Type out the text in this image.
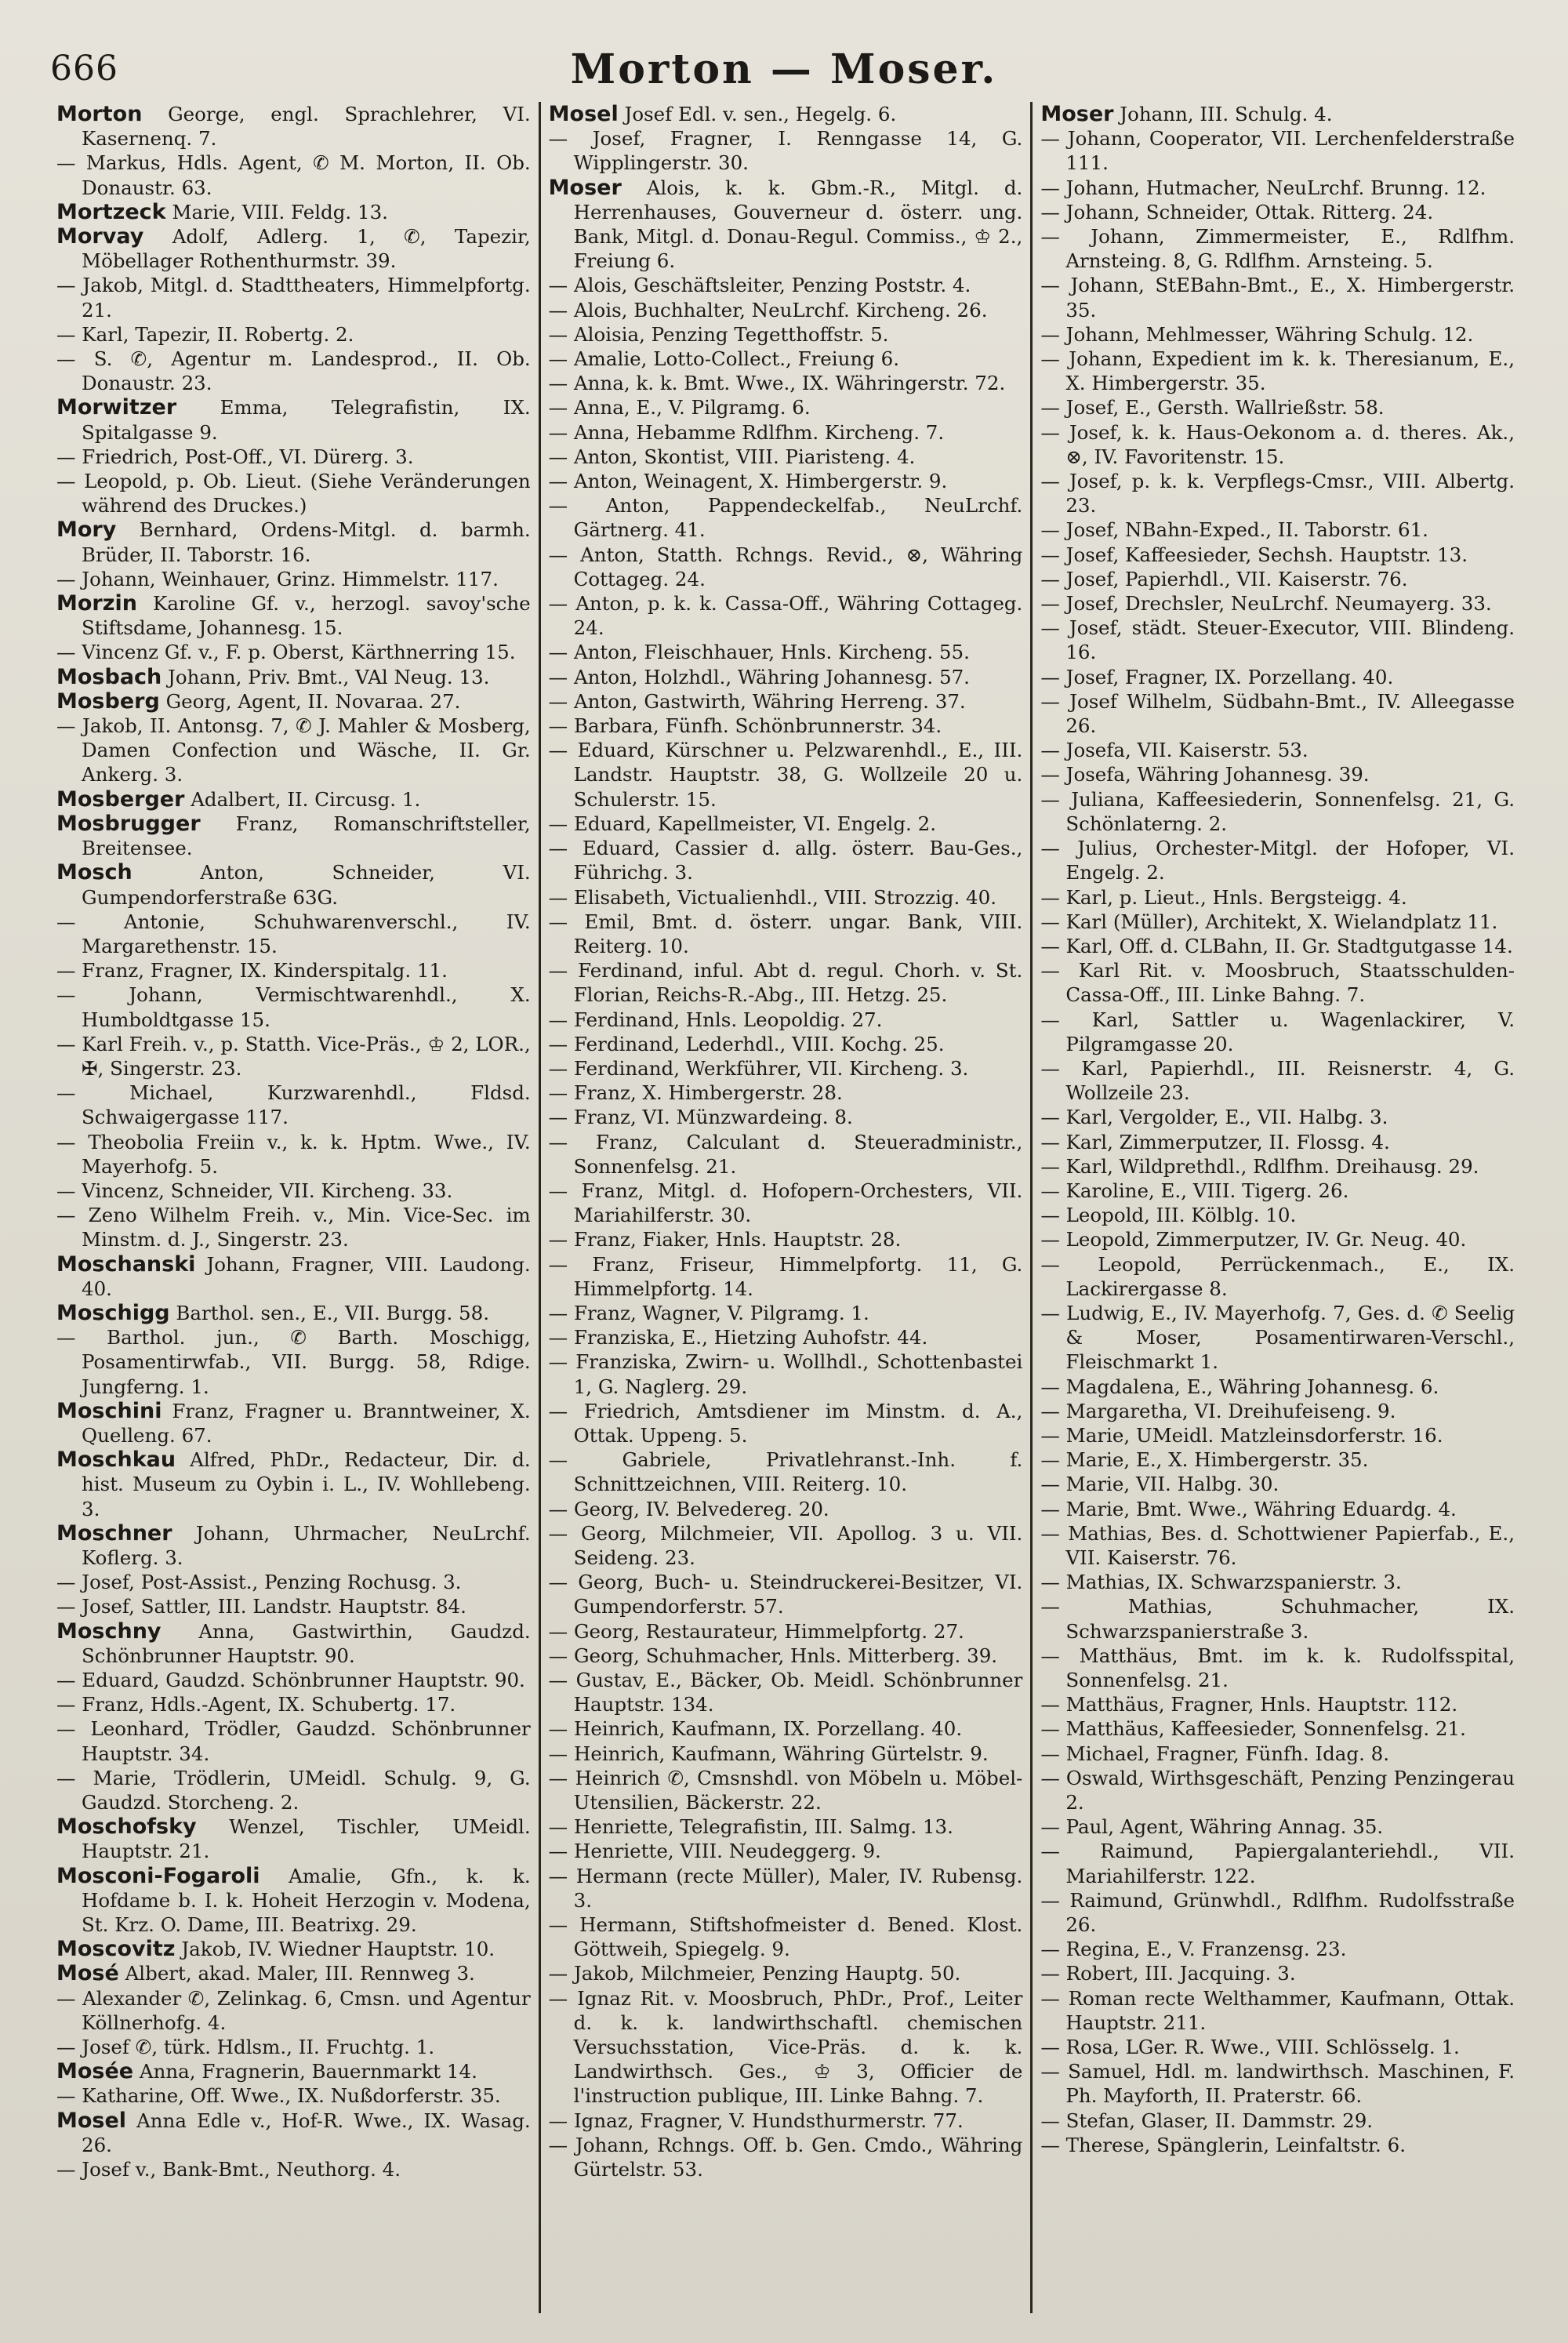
666	Morton — Moser.

Morton George, engl. Sprachlehrer, VI. Kasernenq. 7.

— Markus, Hdls. Agent, ✆ M. Morton, II. Ob. Donaustr. 63.

Mortzeck Marie, VIII. Feldg. 13.

Morvay Adolf, Adlerg. 1, ✆, Tapezir, Möbellager Rothenthurmstr. 39.

— Jakob, Mitgl. d. Stadttheaters, Himmelpfortg. 21.

— Karl, Tapezir, II. Robertg. 2.

— S. ✆, Agentur m. Landesprod., II. Ob. Donaustr. 23.

Morwitzer Emma, Telegrafistin, IX. Spitalgasse 9.

— Friedrich, Post-Off., VI. Dürerg. 3.

— Leopold, p. Ob. Lieut. (Siehe Veränderungen während des Druckes.)

Mory Bernhard, Ordens-Mitgl. d. barmh. Brüder, II. Taborstr. 16.

— Johann, Weinhauer, Grinz. Himmelstr. 117.

Morzin Karoline Gf. v., herzogl. savoy'sche Stiftsdame, Johannesg. 15.

— Vincenz Gf. v., F. p. Oberst, Kärthnerring 15.

Mosbach Johann, Priv. Bmt., VAl Neug. 13.

Mosberg Georg, Agent, II. Novaraa. 27.

— Jakob, II. Antonsg. 7, ✆ J. Mahler & Mosberg, Damen Confection und Wäsche, II. Gr. Ankerg. 3.

Mosberger Adalbert, II. Circusg. 1.

Mosbrugger Franz, Romanschriftsteller, Breitensee.

Mosch Anton, Schneider, VI. Gumpendorferstraße 63G.

— Antonie, Schuhwarenverschl., IV. Margarethenstr. 15.

— Franz, Fragner, IX. Kinderspitalg. 11.

— Johann, Vermischtwarenhdl., X. Humboldtgasse 15.

— Karl Freih. v., p. Statth. Vice-Präs., ♔ 2, LOR., ✠, Singerstr. 23.

— Michael, Kurzwarenhdl., Fldsd. Schwaigergasse 117.

— Theobolia Freiin v., k. k. Hptm. Wwe., IV. Mayerhofg. 5.

— Vincenz, Schneider, VII. Kircheng. 33.

— Zeno Wilhelm Freih. v., Min. Vice-Sec. im Minstm. d. J., Singerstr. 23.

Moschanski Johann, Fragner, VIII. Laudong. 40.

Moschigg Barthol. sen., E., VII. Burgg. 58.

— Barthol. jun., ✆ Barth. Moschigg, Posamentirwfab., VII. Burgg. 58, Rdige. Jungferng. 1.

Moschini Franz, Fragner u. Branntweiner, X. Quelleng. 67.

Moschkau Alfred, PhDr., Redacteur, Dir. d. hist. Museum zu Oybin i. L., IV. Wohllebeng. 3.

Moschner Johann, Uhrmacher, NeuLrchf. Koflerg. 3.

— Josef, Post-Assist., Penzing Rochusg. 3.

— Josef, Sattler, III. Landstr. Hauptstr. 84.

Moschny Anna, Gastwirthin, Gaudzd. Schönbrunner Hauptstr. 90.

— Eduard, Gaudzd. Schönbrunner Hauptstr. 90.

— Franz, Hdls.-Agent, IX. Schubertg. 17.

— Leonhard, Trödler, Gaudzd. Schönbrunner Hauptstr. 34.

— Marie, Trödlerin, UMeidl. Schulg. 9, G. Gaudzd. Storcheng. 2.

Moschofsky Wenzel, Tischler, UMeidl. Hauptstr. 21.

Mosconi-Fogaroli Amalie, Gfn., k. k. Hofdame b. I. k. Hoheit Herzogin v. Modena, St. Krz. O. Dame, III. Beatrixg. 29.

Moscovitz Jakob, IV. Wiedner Hauptstr. 10.

Mosé Albert, akad. Maler, III. Rennweg 3.

— Alexander ✆, Zelinkag. 6, Cmsn. und Agentur Köllnerhofg. 4.

— Josef ✆, türk. Hdlsm., II. Fruchtg. 1.

Mosée Anna, Fragnerin, Bauernmarkt 14.

— Katharine, Off. Wwe., IX. Nußdorferstr. 35.

Mosel Anna Edle v., Hof-R. Wwe., IX. Wasag. 26.

— Josef v., Bank-Bmt., Neuthorg. 4.

Mosel Josef Edl. v. sen., Hegelg. 6.

— Josef, Fragner, I. Renngasse 14, G. Wipplingerstr. 30.

Moser Alois, k. k. Gbm.-R., Mitgl. d. Herrenhauses, Gouverneur d. österr. ung. Bank, Mitgl. d. Donau-Regul. Commiss., ♔ 2., Freiung 6.

— Alois, Geschäftsleiter, Penzing Poststr. 4.

— Alois, Buchhalter, NeuLrchf. Kircheng. 26.

— Aloisia, Penzing Tegetthoffstr. 5.

— Amalie, Lotto-Collect., Freiung 6.

— Anna, k. k. Bmt. Wwe., IX. Währingerstr. 72.

— Anna, E., V. Pilgramg. 6.

— Anna, Hebamme Rdlfhm. Kircheng. 7.

— Anton, Skontist, VIII. Piaristeng. 4.

— Anton, Weinagent, X. Himbergerstr. 9.

— Anton, Pappendeckelfab., NeuLrchf. Gärtnerg. 41.

— Anton, Statth. Rchngs. Revid., ⊗, Währing Cottageg. 24.

— Anton, p. k. k. Cassa-Off., Währing Cottageg. 24.

— Anton, Fleischhauer, Hnls. Kircheng. 55.

— Anton, Holzhdl., Währing Johannesg. 57.

— Anton, Gastwirth, Währing Herreng. 37.

— Barbara, Fünfh. Schönbrunnerstr. 34.

— Eduard, Kürschner u. Pelzwarenhdl., E., III. Landstr. Hauptstr. 38, G. Wollzeile 20 u. Schulerstr. 15.

— Eduard, Kapellmeister, VI. Engelg. 2.

— Eduard, Cassier d. allg. österr. Bau-Ges., Führichg. 3.

— Elisabeth, Victualienhdl., VIII. Strozzig. 40.

— Emil, Bmt. d. österr. ungar. Bank, VIII. Reiterg. 10.

— Ferdinand, inful. Abt d. regul. Chorh. v. St. Florian, Reichs-R.-Abg., III. Hetzg. 25.

— Ferdinand, Hnls. Leopoldig. 27.

— Ferdinand, Lederhdl., VIII. Kochg. 25.

— Ferdinand, Werkführer, VII. Kircheng. 3.

— Franz, X. Himbergerstr. 28.

— Franz, VI. Münzwardeing. 8.

— Franz, Calculant d. Steueradministr., Sonnenfelsg. 21.

— Franz, Mitgl. d. Hofopern-Orchesters, VII. Mariahilferstr. 30.

— Franz, Fiaker, Hnls. Hauptstr. 28.

— Franz, Friseur, Himmelpfortg. 11, G. Himmelpfortg. 14.

— Franz, Wagner, V. Pilgramg. 1.

— Franziska, E., Hietzing Auhofstr. 44.

— Franziska, Zwirn- u. Wollhdl., Schottenbastei 1, G. Naglerg. 29.

— Friedrich, Amtsdiener im Minstm. d. A., Ottak. Uppeng. 5.

— Gabriele, Privatlehranst.-Inh. f. Schnittzeichnen, VIII. Reiterg. 10.

— Georg, IV. Belvedereg. 20.

— Georg, Milchmeier, VII. Apollog. 3 u. VII. Seideng. 23.

— Georg, Buch- u. Steindruckerei-Besitzer, VI. Gumpendorferstr. 57.

— Georg, Restaurateur, Himmelpfortg. 27.

— Georg, Schuhmacher, Hnls. Mitterberg. 39.

— Gustav, E., Bäcker, Ob. Meidl. Schönbrunner Hauptstr. 134.

— Heinrich, Kaufmann, IX. Porzellang. 40.

— Heinrich, Kaufmann, Währing Gürtelstr. 9.

— Heinrich ✆, Cmsnshdl. von Möbeln u. Möbel-Utensilien, Bäckerstr. 22.

— Henriette, Telegrafistin, III. Salmg. 13.

— Henriette, VIII. Neudeggerg. 9.

— Hermann (recte Müller), Maler, IV. Rubensg. 3.

— Hermann, Stiftshofmeister d. Bened. Klost. Göttweih, Spiegelg. 9.

— Jakob, Milchmeier, Penzing Hauptg. 50.

— Ignaz Rit. v. Moosbruch, PhDr., Prof., Leiter d. k. k. landwirthschaftl. chemischen Versuchsstation, Vice-Präs. d. k. k. Landwirthsch. Ges., ♔ 3, Officier de l'instruction publique, III. Linke Bahng. 7.

— Ignaz, Fragner, V. Hundsthurmerstr. 77.

— Johann, Rchngs. Off. b. Gen. Cmdo., Währing Gürtelstr. 53.

Moser Johann, III. Schulg. 4.

— Johann, Cooperator, VII. Lerchenfelderstraße 111.

— Johann, Hutmacher, NeuLrchf. Brunng. 12.

— Johann, Schneider, Ottak. Ritterg. 24.

— Johann, Zimmermeister, E., Rdlfhm. Arnsteing. 8, G. Rdlfhm. Arnsteing. 5.

— Johann, StEBahn-Bmt., E., X. Himbergerstr. 35.

— Johann, Mehlmesser, Währing Schulg. 12.

— Johann, Expedient im k. k. Theresianum, E., X. Himbergerstr. 35.

— Josef, E., Gersth. Wallrießstr. 58.

— Josef, k. k. Haus-Oekonom a. d. theres. Ak., ⊗, IV. Favoritenstr. 15.

— Josef, p. k. k. Verpflegs-Cmsr., VIII. Albertg. 23.

— Josef, NBahn-Exped., II. Taborstr. 61.

— Josef, Kaffeesieder, Sechsh. Hauptstr. 13.

— Josef, Papierhdl., VII. Kaiserstr. 76.

— Josef, Drechsler, NeuLrchf. Neumayerg. 33.

— Josef, städt. Steuer-Executor, VIII. Blindeng. 16.

— Josef, Fragner, IX. Porzellang. 40.

— Josef Wilhelm, Südbahn-Bmt., IV. Alleegasse 26.

— Josefa, VII. Kaiserstr. 53.

— Josefa, Währing Johannesg. 39.

— Juliana, Kaffeesiederin, Sonnenfelsg. 21, G. Schönlaterng. 2.

— Julius, Orchester-Mitgl. der Hofoper, VI. Engelg. 2.

— Karl, p. Lieut., Hnls. Bergsteigg. 4.

— Karl (Müller), Architekt, X. Wielandplatz 11.

— Karl, Off. d. CLBahn, II. Gr. Stadtgutgasse 14.

— Karl Rit. v. Moosbruch, Staatsschulden-Cassa-Off., III. Linke Bahng. 7.

— Karl, Sattler u. Wagenlackirer, V. Pilgramgasse 20.

— Karl, Papierhdl., III. Reisnerstr. 4, G. Wollzeile 23.

— Karl, Vergolder, E., VII. Halbg. 3.

— Karl, Zimmerputzer, II. Flossg. 4.

— Karl, Wildprethdl., Rdlfhm. Dreihausg. 29.

— Karoline, E., VIII. Tigerg. 26.

— Leopold, III. Kölblg. 10.

— Leopold, Zimmerputzer, IV. Gr. Neug. 40.

— Leopold, Perrückenmach., E., IX. Lackirergasse 8.

— Ludwig, E., IV. Mayerhofg. 7, Ges. d. ✆ Seelig & Moser, Posamentirwaren-Verschl., Fleischmarkt 1.

— Magdalena, E., Währing Johannesg. 6.

— Margaretha, VI. Dreihufeiseng. 9.

— Marie, UMeidl. Matzleinsdorferstr. 16.

— Marie, E., X. Himbergerstr. 35.

— Marie, VII. Halbg. 30.

— Marie, Bmt. Wwe., Währing Eduardg. 4.

— Mathias, Bes. d. Schottwiener Papierfab., E., VII. Kaiserstr. 76.

— Mathias, IX. Schwarzspanierstr. 3.

— Mathias, Schuhmacher, IX. Schwarzspanierstraße 3.

— Matthäus, Bmt. im k. k. Rudolfsspital, Sonnenfelsg. 21.

— Matthäus, Fragner, Hnls. Hauptstr. 112.

— Matthäus, Kaffeesieder, Sonnenfelsg. 21.

— Michael, Fragner, Fünfh. Idag. 8.

— Oswald, Wirthsgeschäft, Penzing Penzingerau 2.

— Paul, Agent, Währing Annag. 35.

— Raimund, Papiergalanteriehdl., VII. Mariahilferstr. 122.

— Raimund, Grünwhdl., Rdlfhm. Rudolfsstraße 26.

— Regina, E., V. Franzensg. 23.

— Robert, III. Jacquing. 3.

— Roman recte Welthammer, Kaufmann, Ottak. Hauptstr. 211.

— Rosa, LGer. R. Wwe., VIII. Schlösselg. 1.

— Samuel, Hdl. m. landwirthsch. Maschinen, F. Ph. Mayforth, II. Praterstr. 66.

— Stefan, Glaser, II. Dammstr. 29.

— Therese, Spänglerin, Leinfaltstr. 6.
